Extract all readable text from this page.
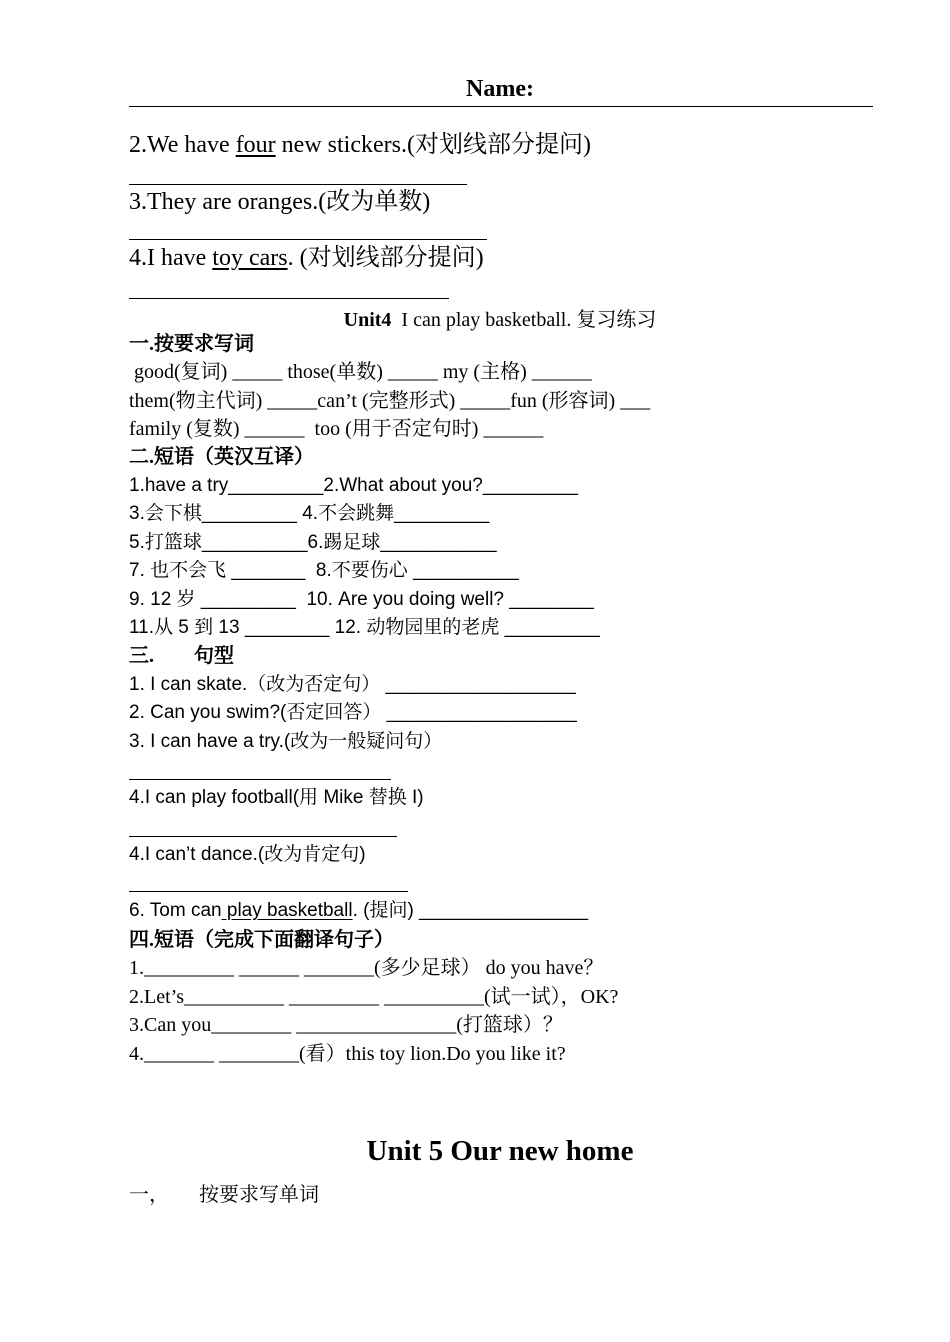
Name:
2.We have four new stickers.(对划线部分提问)
3.They are oranges.(改为单数)
4.I have toy cars. (对划线部分提问)
Unit4  I can play basketball. 复习练习
一.按要求写词
good(复词) _____ those(单数) _____ my (主格) ______
them(物主代词) _____can’t (完整形式) _____fun (形容词) ___
family (复数) ______  too (用于否定句时) ______
二.短语（英汉互译）
1.have a try_________2.What about you?_________
3.会下棋_________ 4.不会跳舞_________
5.打篮球__________6.踢足球___________
7. 也不会飞 _______  8.不要伤心 __________
9. 12 岁 _________  10. Are you doing well? ________
11.从 5 到 13 ________ 12. 动物园里的老虎 _________
三.        句型
1. I can skate.（改为否定句） __________________
2. Can you swim?(否定回答） __________________
3. I can have a try.(改为一般疑问句）
4.I can play football(用 Mike 替换 I)
4.I can’t dance.(改为肯定句)
6. Tom can play basketball. (提问) ________________
四.短语（完成下面翻译句子）
1._________ ______ _______(多少足球） do you have？
2.Let’s__________ _________ __________(试一试），OK?
3.Can you________ ________________(打篮球）？
4._______ ________(看）this toy lion.Do you like it?
Unit 5 Our new home
一，      按要求写单词
